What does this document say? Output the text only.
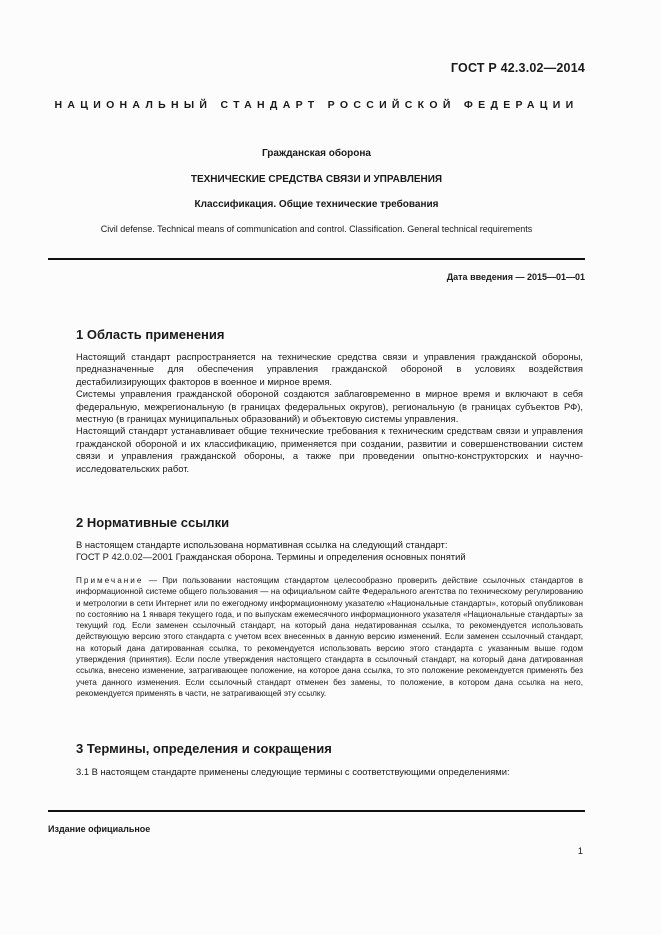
ГОСТ Р 42.3.02—2014
НАЦИОНАЛЬНЫЙ СТАНДАРТ РОССИЙСКОЙ ФЕДЕРАЦИИ
Гражданская оборона
ТЕХНИЧЕСКИЕ СРЕДСТВА СВЯЗИ И УПРАВЛЕНИЯ
Классификация. Общие технические требования
Civil defense. Technical means of communication and control. Classification. General technical requirements
Дата введения — 2015—01—01
1 Область применения

Настоящий стандарт распространяется на технические средства связи и управления гражданской обороны, предназначенные для обеспечения управления гражданской обороной в условиях воздействия дестабилизирующих факторов в военное и мирное время.

Системы управления гражданской обороной создаются заблаговременно в мирное время и включают в себя федеральную, межрегиональную (в границах федеральных округов), региональную (в границах субъектов РФ), местную (в границах муниципальных образований) и объектовую системы управления.

Настоящий стандарт устанавливает общие технические требования к техническим средствам связи и управления гражданской обороной и их классификацию, применяется при создании, развитии и совершенствовании систем связи и управления гражданской обороны, а также при проведении опытно-конструкторских и научно-исследовательских работ.

2 Нормативные ссылки

В настоящем стандарте использована нормативная ссылка на следующий стандарт:

ГОСТ Р 42.0.02—2001 Гражданская оборона. Термины и определения основных понятий

Примечание — При пользовании настоящим стандартом целесообразно проверить действие ссылочных стандартов в информационной системе общего пользования — на официальном сайте Федерального агентства по техническому регулированию и метрологии в сети Интернет или по ежегодному информационному указателю «Национальные стандарты», который опубликован по состоянию на 1 января текущего года, и по выпускам ежемесячного информационного указателя «Национальные стандарты» за текущий год. Если заменен ссылочный стандарт, на который дана недатированная ссылка, то рекомендуется использовать действующую версию этого стандарта с учетом всех внесенных в данную версию изменений. Если заменен ссылочный стандарт, на который дана датированная ссылка, то рекомендуется использовать версию этого стандарта с указанным выше годом утверждения (принятия). Если после утверждения настоящего стандарта в ссылочный стандарт, на который дана датированная ссылка, внесено изменение, затрагивающее положение, на которое дана ссылка, то это положение рекомендуется применять без учета данного изменения. Если ссылочный стандарт отменен без замены, то положение, в котором дана ссылка на него, рекомендуется применять в части, не затрагивающей эту ссылку.
3 Термины, определения и сокращения

3.1 В настоящем стандарте применены следующие термины с соответствующими определениями:

Издание официальное
1
